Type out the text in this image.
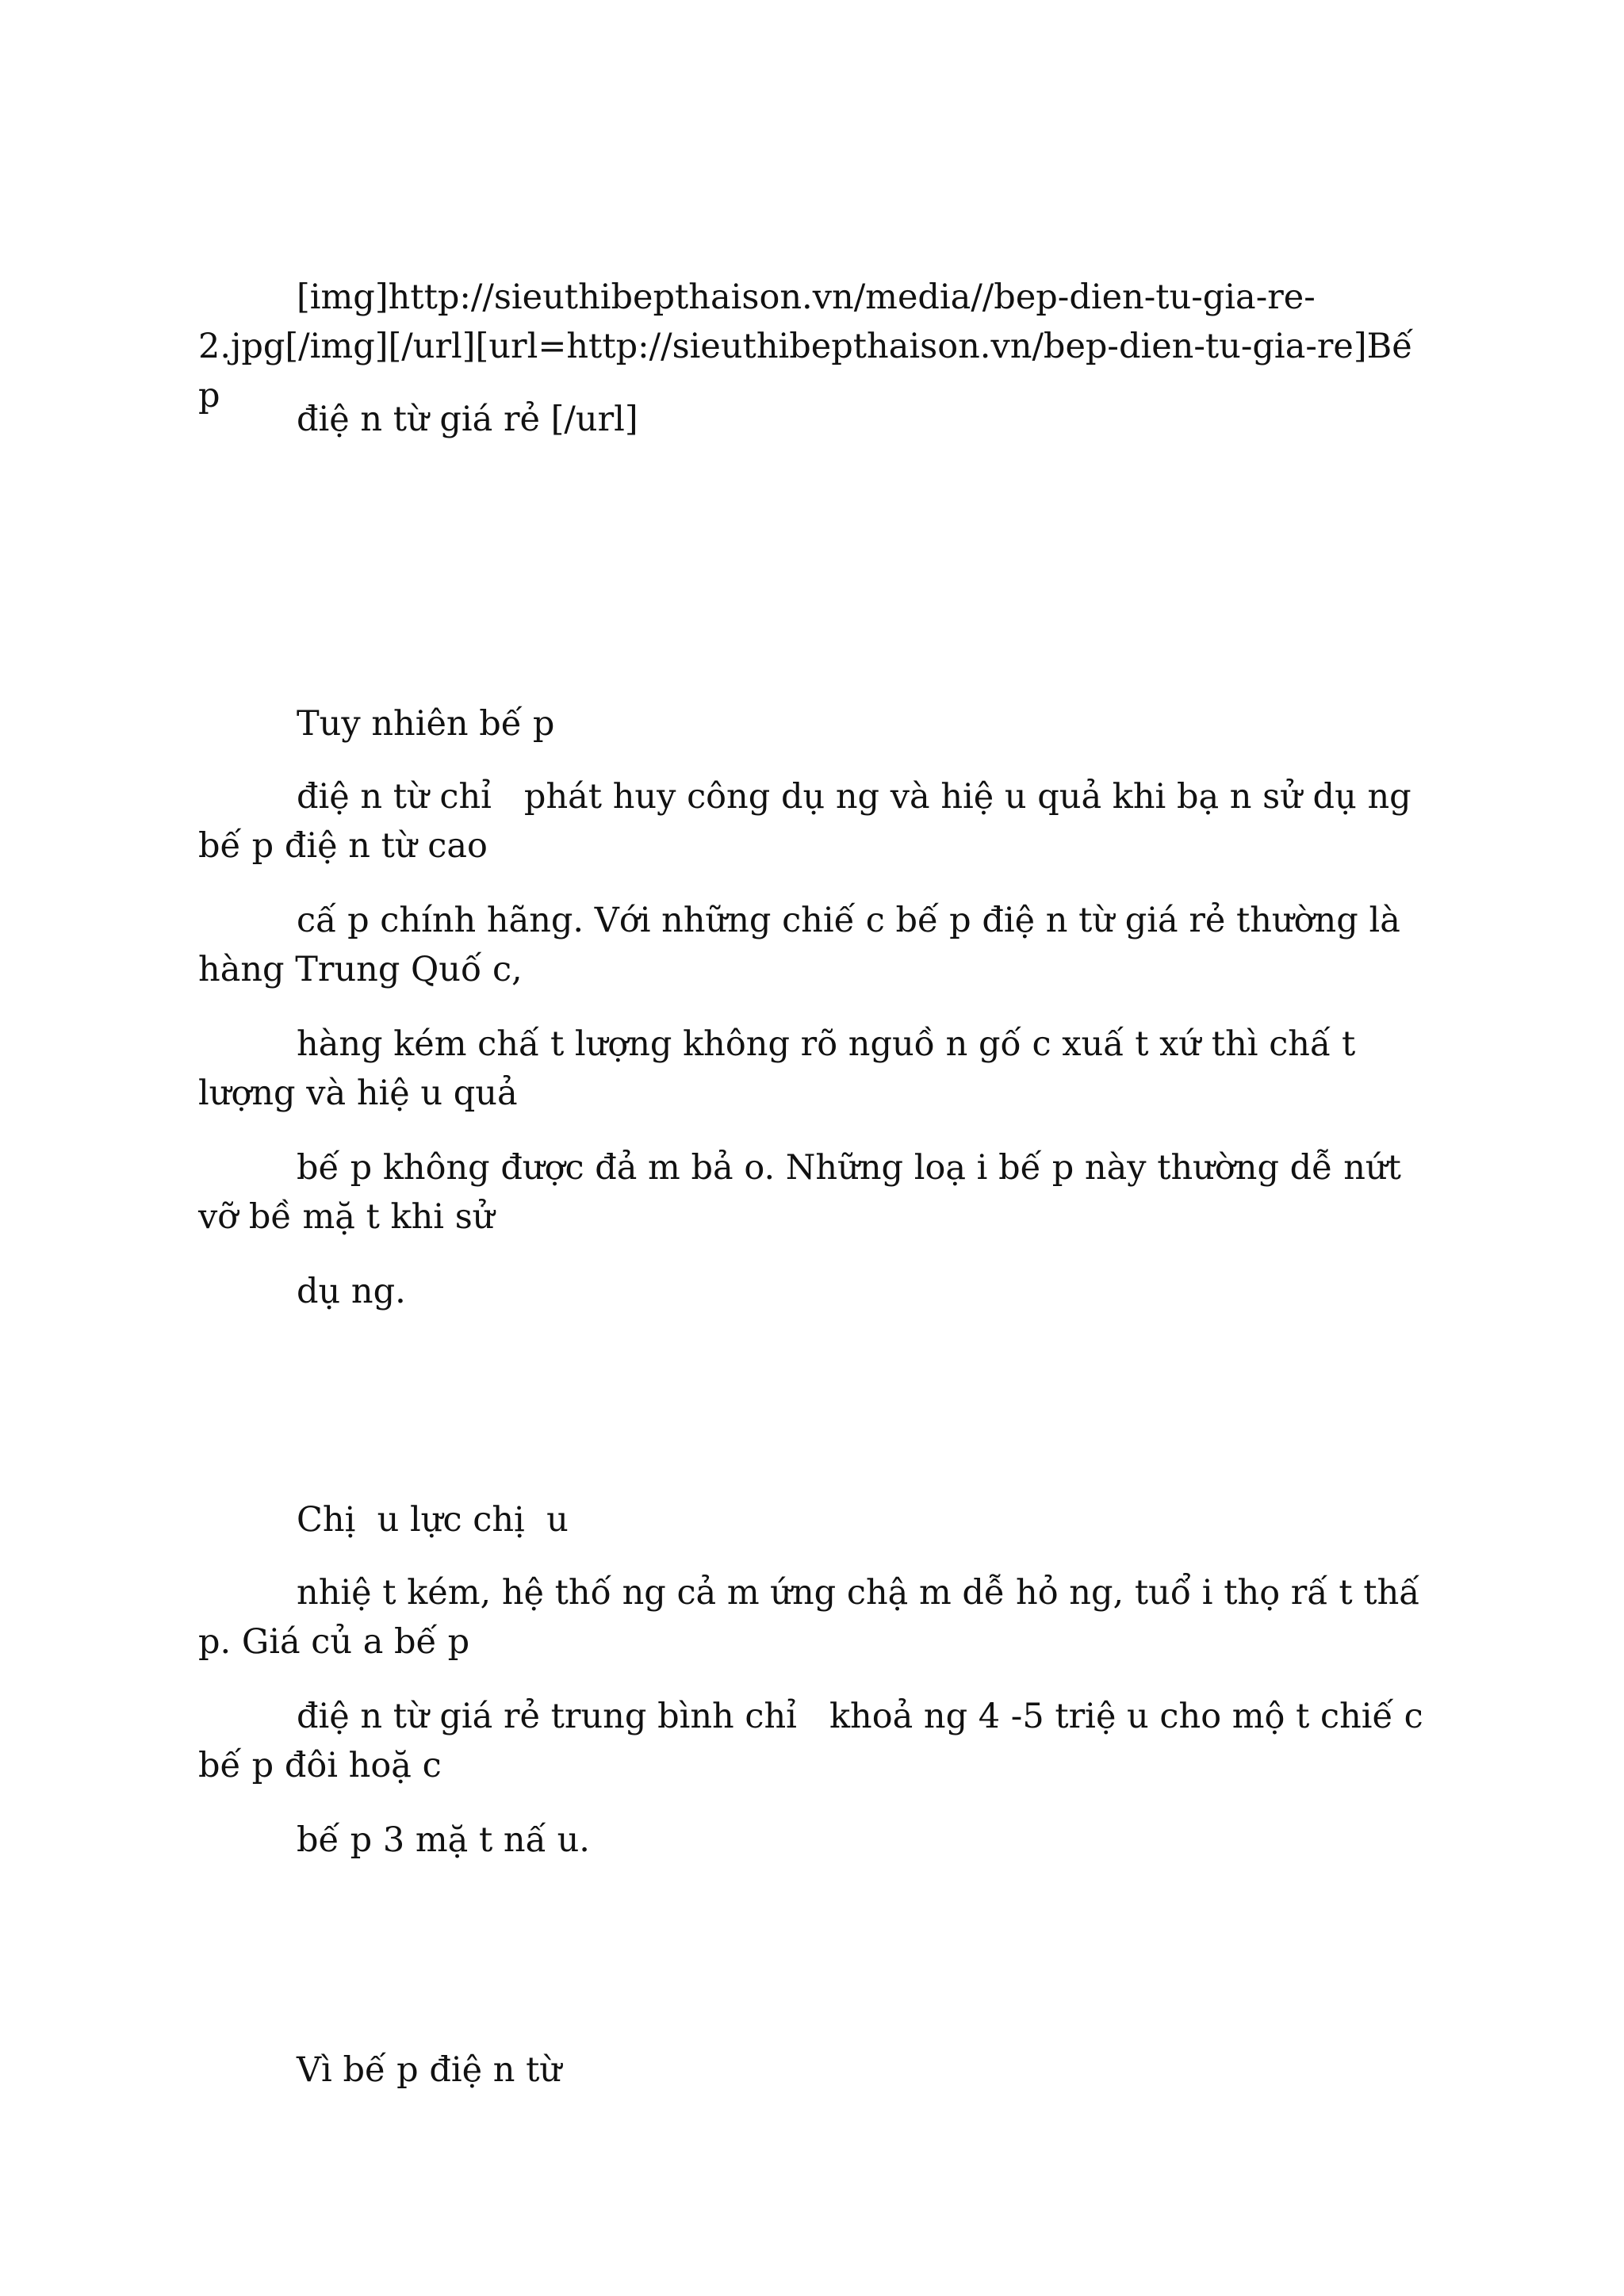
[img]http://sieuthibepthaison.vn/media//bep-dien-tu-gia-re-2.jpg[/img][/url][url=http://sieuthibepthaison.vn/bep-dien-tu-gia-re]Bế p

điệ n từ giá rẻ [/url]

Tuy nhiên bế p

điệ n từ chỉ   phát huy công dụ ng và hiệ u quả khi bạ n sử dụ ng bế p điệ n từ cao

cấ p chính hãng. Với những chiế c bế p điệ n từ giá rẻ thường là hàng Trung Quố c,

hàng kém chấ t lượng không rõ nguồ n gố c xuấ t xứ thì chấ t lượng và hiệ u quả

bế p không được đả m bả o. Những loạ i bế p này thường dễ nứt vỡ bề mặ t khi sử

dụ ng.

Chị  u lực chị  u

nhiệ t kém, hệ thố ng cả m ứng chậ m dễ hỏ ng, tuổ i thọ rấ t thấ p. Giá củ a bế p

điệ n từ giá rẻ trung bình chỉ   khoả ng 4 -5 triệ u cho mộ t chiế c bế p đôi hoặ c

bế p 3 mặ t nấ u.

Vì bế p điệ n từ
